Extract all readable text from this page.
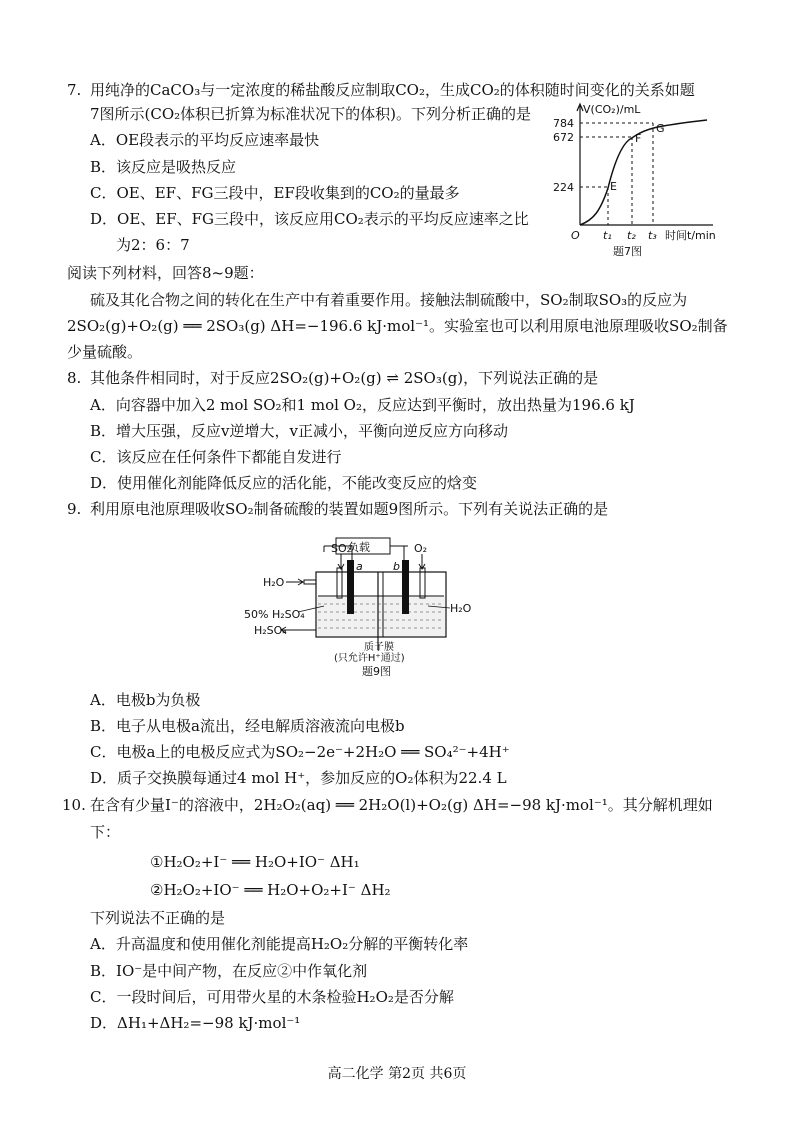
7. 用纯净的CaCO₃与一定浓度的稀盐酸反应制取CO₂，生成CO₂的体积随时间变化的关系如题
7图所示(CO₂体积已折算为标准状况下的体积)。下列分析正确的是
A．OE段表示的平均反应速率最快
B．该反应是吸热反应
C．OE、EF、FG三段中，EF段收集到的CO₂的量最多
D．OE、EF、FG三段中，该反应用CO₂表示的平均反应速率之比
为2：6：7
V(CO₂)/mL
784
672
224	E
F
G
O t₁ t₂ t₃ 时间t/min
题7图
阅读下列材料，回答8~9题：
硫及其化合物之间的转化在生产中有着重要作用。接触法制硫酸中，SO₂制取SO₃的反应为
2SO₂(g)+O₂(g) ══ 2SO₃(g) ΔH=−196.6 kJ·mol⁻¹。实验室也可以利用原电池原理吸收SO₂制备
少量硫酸。
8. 其他条件相同时，对于反应2SO₂(g)+O₂(g) ⇌ 2SO₃(g)，下列说法正确的是
A．向容器中加入2 mol SO₂和1 mol O₂，反应达到平衡时，放出热量为196.6 kJ
B．增大压强，反应v逆增大，v正减小，平衡向逆反应方向移动
C．该反应在任何条件下都能自发进行
D．使用催化剂能降低反应的活化能，不能改变反应的焓变
9. 利用原电池原理吸收SO₂制备硫酸的装置如题9图所示。下列有关说法正确的是
负载
SO₂	O₂
a	b
H₂O
H₂SO₄
50% H₂SO₄	H₂O
质子膜
(只允许H⁺通过)
题9图
A．电极b为负极
B．电子从电极a流出，经电解质溶液流向电极b
C．电极a上的电极反应式为SO₂−2e⁻+2H₂O ══ SO₄²⁻+4H⁺
D．质子交换膜每通过4 mol H⁺，参加反应的O₂体积为22.4 L
10. 在含有少量I⁻的溶液中，2H₂O₂(aq) ══ 2H₂O(l)+O₂(g) ΔH=−98 kJ·mol⁻¹。其分解机理如
下：
①H₂O₂+I⁻ ══ H₂O+IO⁻ ΔH₁
②H₂O₂+IO⁻ ══ H₂O+O₂+I⁻ ΔH₂
下列说法不正确的是
A．升高温度和使用催化剂能提高H₂O₂分解的平衡转化率
B．IO⁻是中间产物，在反应②中作氧化剂
C．一段时间后，可用带火星的木条检验H₂O₂是否分解
D．ΔH₁+ΔH₂=−98 kJ·mol⁻¹
高二化学 第2页 共6页
